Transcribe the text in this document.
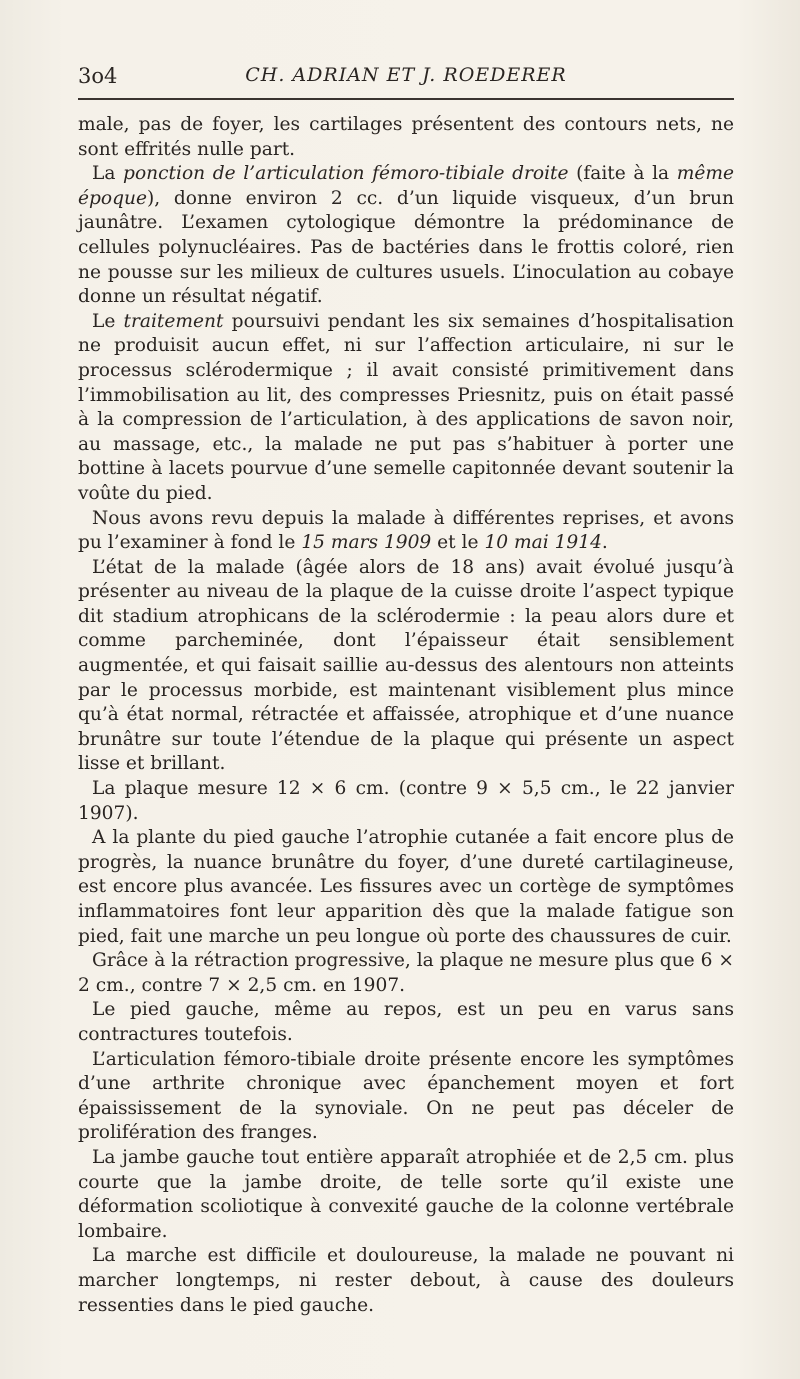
3o4	CH. ADRIAN ET J. ROEDERER

male, pas de foyer, les cartilages présentent des contours nets, ne sont effrités nulle part.

La ponction de l’articulation fémoro-tibiale droite (faite à la même époque), donne environ 2 cc. d’un liquide visqueux, d’un brun jaunâtre. L’examen cytologique démontre la prédominance de cellules polynucléaires. Pas de bactéries dans le frottis coloré, rien ne pousse sur les milieux de cultures usuels. L’inoculation au cobaye donne un résultat négatif.

Le traitement poursuivi pendant les six semaines d’hospitalisation ne produisit aucun effet, ni sur l’affection articulaire, ni sur le processus sclérodermique ; il avait consisté primitivement dans l’immobilisation au lit, des compresses Priesnitz, puis on était passé à la compression de l’articulation, à des applications de savon noir, au massage, etc., la malade ne put pas s’habituer à porter une bottine à lacets pourvue d’une semelle capitonnée devant soutenir la voûte du pied.

Nous avons revu depuis la malade à différentes reprises, et avons pu l’examiner à fond le 15 mars 1909 et le 10 mai 1914.

L’état de la malade (âgée alors de 18 ans) avait évolué jusqu’à présenter au niveau de la plaque de la cuisse droite l’aspect typique dit stadium atrophicans de la sclérodermie : la peau alors dure et comme parcheminée, dont l’épaisseur était sensiblement augmentée, et qui faisait saillie au-dessus des alentours non atteints par le processus morbide, est maintenant visiblement plus mince qu’à état normal, rétractée et affaissée, atrophique et d’une nuance brunâtre sur toute l’étendue de la plaque qui présente un aspect lisse et brillant.

La plaque mesure 12 × 6 cm. (contre 9 × 5,5 cm., le 22 janvier 1907).

A la plante du pied gauche l’atrophie cutanée a fait encore plus de progrès, la nuance brunâtre du foyer, d’une dureté cartilagineuse, est encore plus avancée. Les fissures avec un cortège de symptômes inflammatoires font leur apparition dès que la malade fatigue son pied, fait une marche un peu longue où porte des chaussures de cuir.

Grâce à la rétraction progressive, la plaque ne mesure plus que 6 × 2 cm., contre 7 × 2,5 cm. en 1907.

Le pied gauche, même au repos, est un peu en varus sans contractures toutefois.

L’articulation fémoro-tibiale droite présente encore les symptômes d’une arthrite chronique avec épanchement moyen et fort épaississement de la synoviale. On ne peut pas déceler de prolifération des franges.

La jambe gauche tout entière apparaît atrophiée et de 2,5 cm. plus courte que la jambe droite, de telle sorte qu’il existe une déformation scoliotique à convexité gauche de la colonne vertébrale lombaire.

La marche est difficile et douloureuse, la malade ne pouvant ni marcher longtemps, ni rester debout, à cause des douleurs ressenties dans le pied gauche.
